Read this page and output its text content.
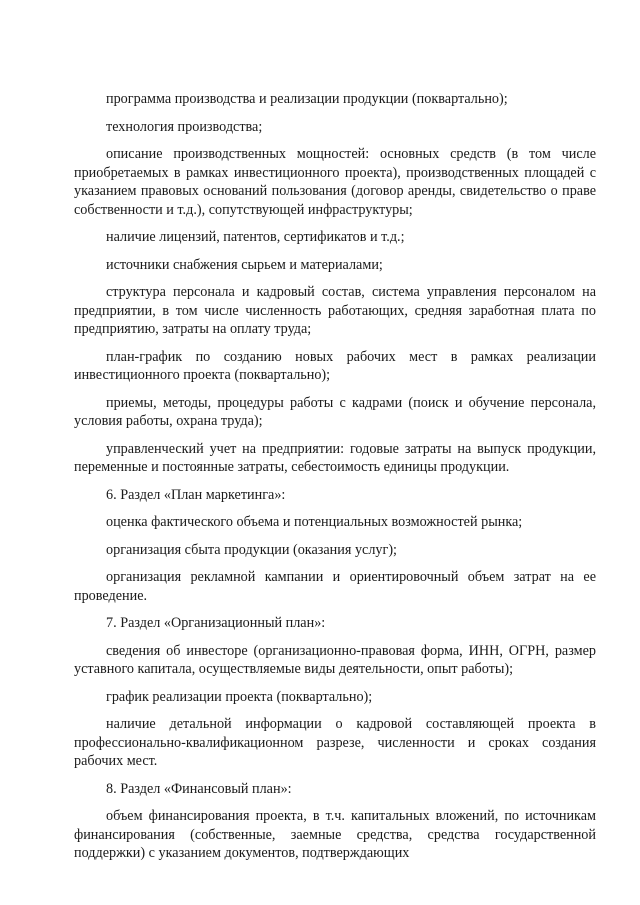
программа производства и реализации продукции (поквартально);

технология производства;

описание производственных мощностей: основных средств (в том числе приобретаемых в рамках инвестиционного проекта), производственных площадей с указанием правовых оснований пользования (договор аренды, свидетельство о праве собственности и т.д.), сопутствующей инфраструктуры;

наличие лицензий, патентов, сертификатов и т.д.;

источники снабжения сырьем и материалами;

структура персонала и кадровый состав, система управления персоналом на предприятии, в том числе численность работающих, средняя заработная плата по предприятию, затраты на оплату труда;

план-график по созданию новых рабочих мест в рамках реализации инвестиционного проекта (поквартально);

приемы, методы, процедуры работы с кадрами (поиск и обучение персонала, условия работы, охрана труда);

управленческий учет на предприятии: годовые затраты на выпуск продукции, переменные и постоянные затраты, себестоимость единицы продукции.

6. Раздел «План маркетинга»:

оценка фактического объема и потенциальных возможностей рынка;

организация сбыта продукции (оказания услуг);

организация рекламной кампании и ориентировочный объем затрат на ее проведение.

7. Раздел «Организационный план»:

сведения об инвесторе (организационно-правовая форма, ИНН, ОГРН, размер уставного капитала, осуществляемые виды деятельности, опыт работы);

график реализации проекта (поквартально);

наличие детальной информации о кадровой составляющей проекта в профессионально-квалификационном разрезе, численности и сроках создания рабочих мест.

8. Раздел «Финансовый план»:

объем финансирования проекта, в т.ч. капитальных вложений, по источникам финансирования (собственные, заемные средства, средства государственной поддержки) с указанием документов, подтверждающих
